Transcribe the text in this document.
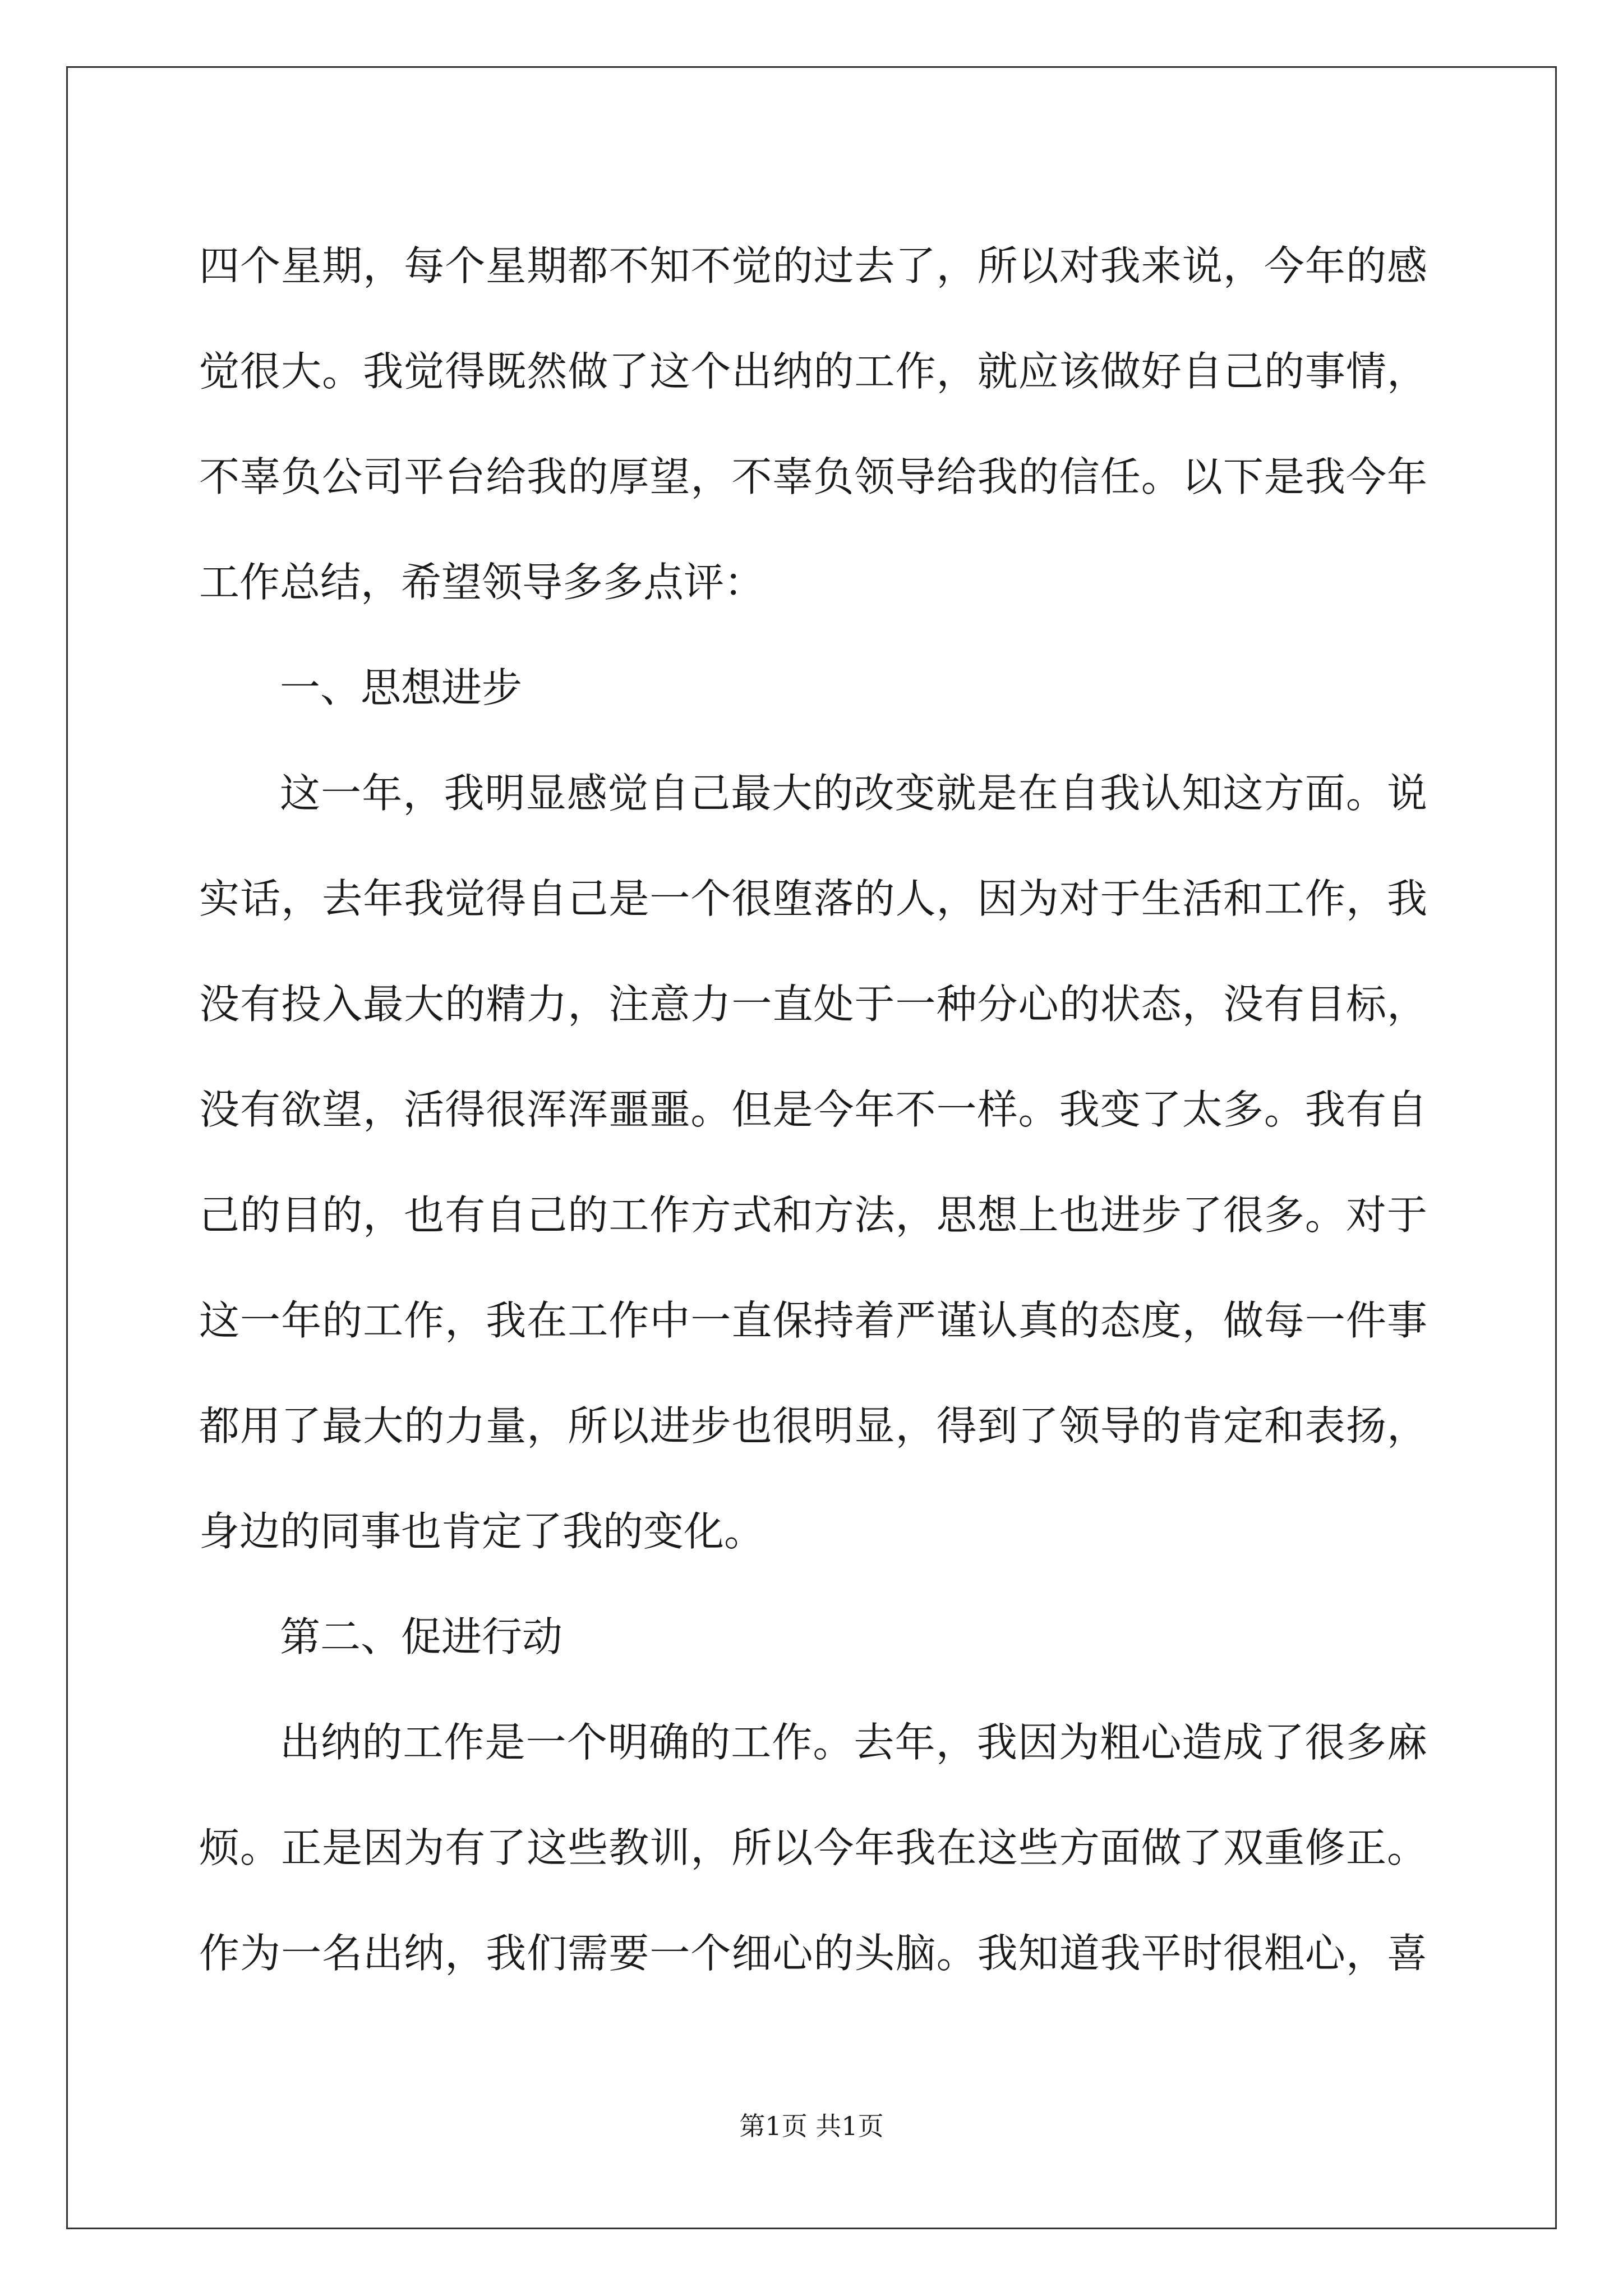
四个星期，每个星期都不知不觉的过去了，所以对我来说，今年的感
觉很大。我觉得既然做了这个出纳的工作，就应该做好自己的事情，
不辜负公司平台给我的厚望，不辜负领导给我的信任。以下是我今年
工作总结，希望领导多多点评：
一、思想进步
这一年，我明显感觉自己最大的改变就是在自我认知这方面。说
实话，去年我觉得自己是一个很堕落的人，因为对于生活和工作，我
没有投入最大的精力，注意力一直处于一种分心的状态，没有目标，
没有欲望，活得很浑浑噩噩。但是今年不一样。我变了太多。我有自
己的目的，也有自己的工作方式和方法，思想上也进步了很多。对于
这一年的工作，我在工作中一直保持着严谨认真的态度，做每一件事
都用了最大的力量，所以进步也很明显，得到了领导的肯定和表扬，
身边的同事也肯定了我的变化。
第二、促进行动
出纳的工作是一个明确的工作。去年，我因为粗心造成了很多麻
烦。正是因为有了这些教训，所以今年我在这些方面做了双重修正。
作为一名出纳，我们需要一个细心的头脑。我知道我平时很粗心，喜
第1页 共1页
